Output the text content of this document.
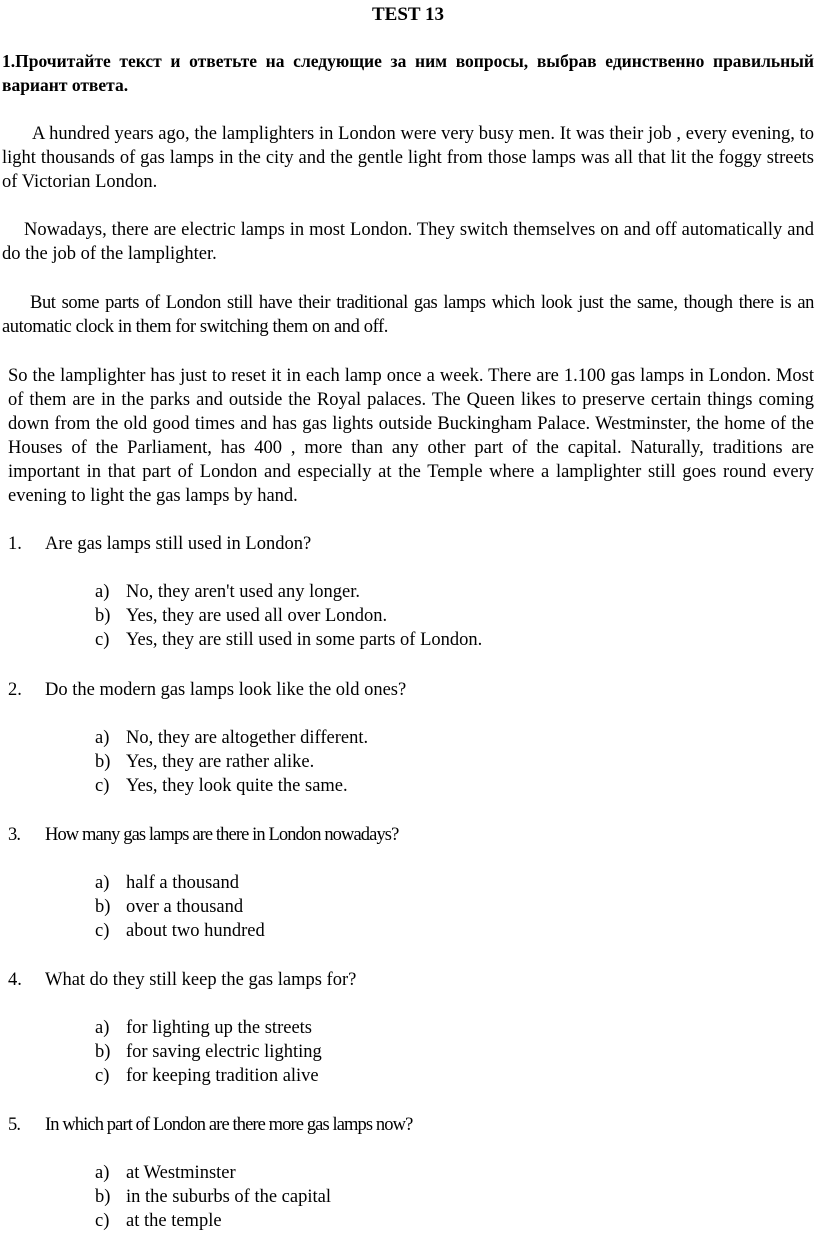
TEST 13
1.Прочитайте текст и ответьте на следующие за ним вопросы, выбрав единственно правильный вариант ответа.

A hundred years ago, the lamplighters in London were very busy men. It was their job , every evening, to light thousands of gas lamps in the city and the gentle light from those lamps was all that lit the foggy streets of Victorian London.

Nowadays, there are electric lamps in most London. They switch themselves on and off automatically and do the job of the lamplighter.

But some parts of London still have their traditional gas lamps which look just the same, though there is an automatic clock in them for switching them on and off.

So the lamplighter has just to reset it in each lamp once a week. There are 1.100 gas lamps in London. Most of them are in the parks and outside the Royal palaces. The Queen likes to preserve certain things coming down from the old good times and has gas lights outside Buckingham Palace. Westminster, the home of the Houses of the Parliament, has 400 , more than any other part of the capital. Naturally, traditions are important in that part of London and especially at the Temple where a lamplighter still goes round every evening to light the gas lamps by hand.

1. Are gas lamps still used in London?
a) No, they aren't used any longer.
b) Yes, they are used all over London.
c) Yes, they are still used in some parts of London.
2. Do the modern gas lamps look like the old ones?
a) No, they are altogether different.
b) Yes, they are rather alike.
c) Yes, they look quite the same.
3. How many gas lamps are there in London nowadays?
a) half a thousand
b) over a thousand
c) about two hundred
4. What do they still keep the gas lamps for?
a) for lighting up the streets
b) for saving electric lighting
c) for keeping tradition alive
5. In which part of London are there more gas lamps now?
a) at Westminster
b) in the suburbs of the capital
c) at the temple
